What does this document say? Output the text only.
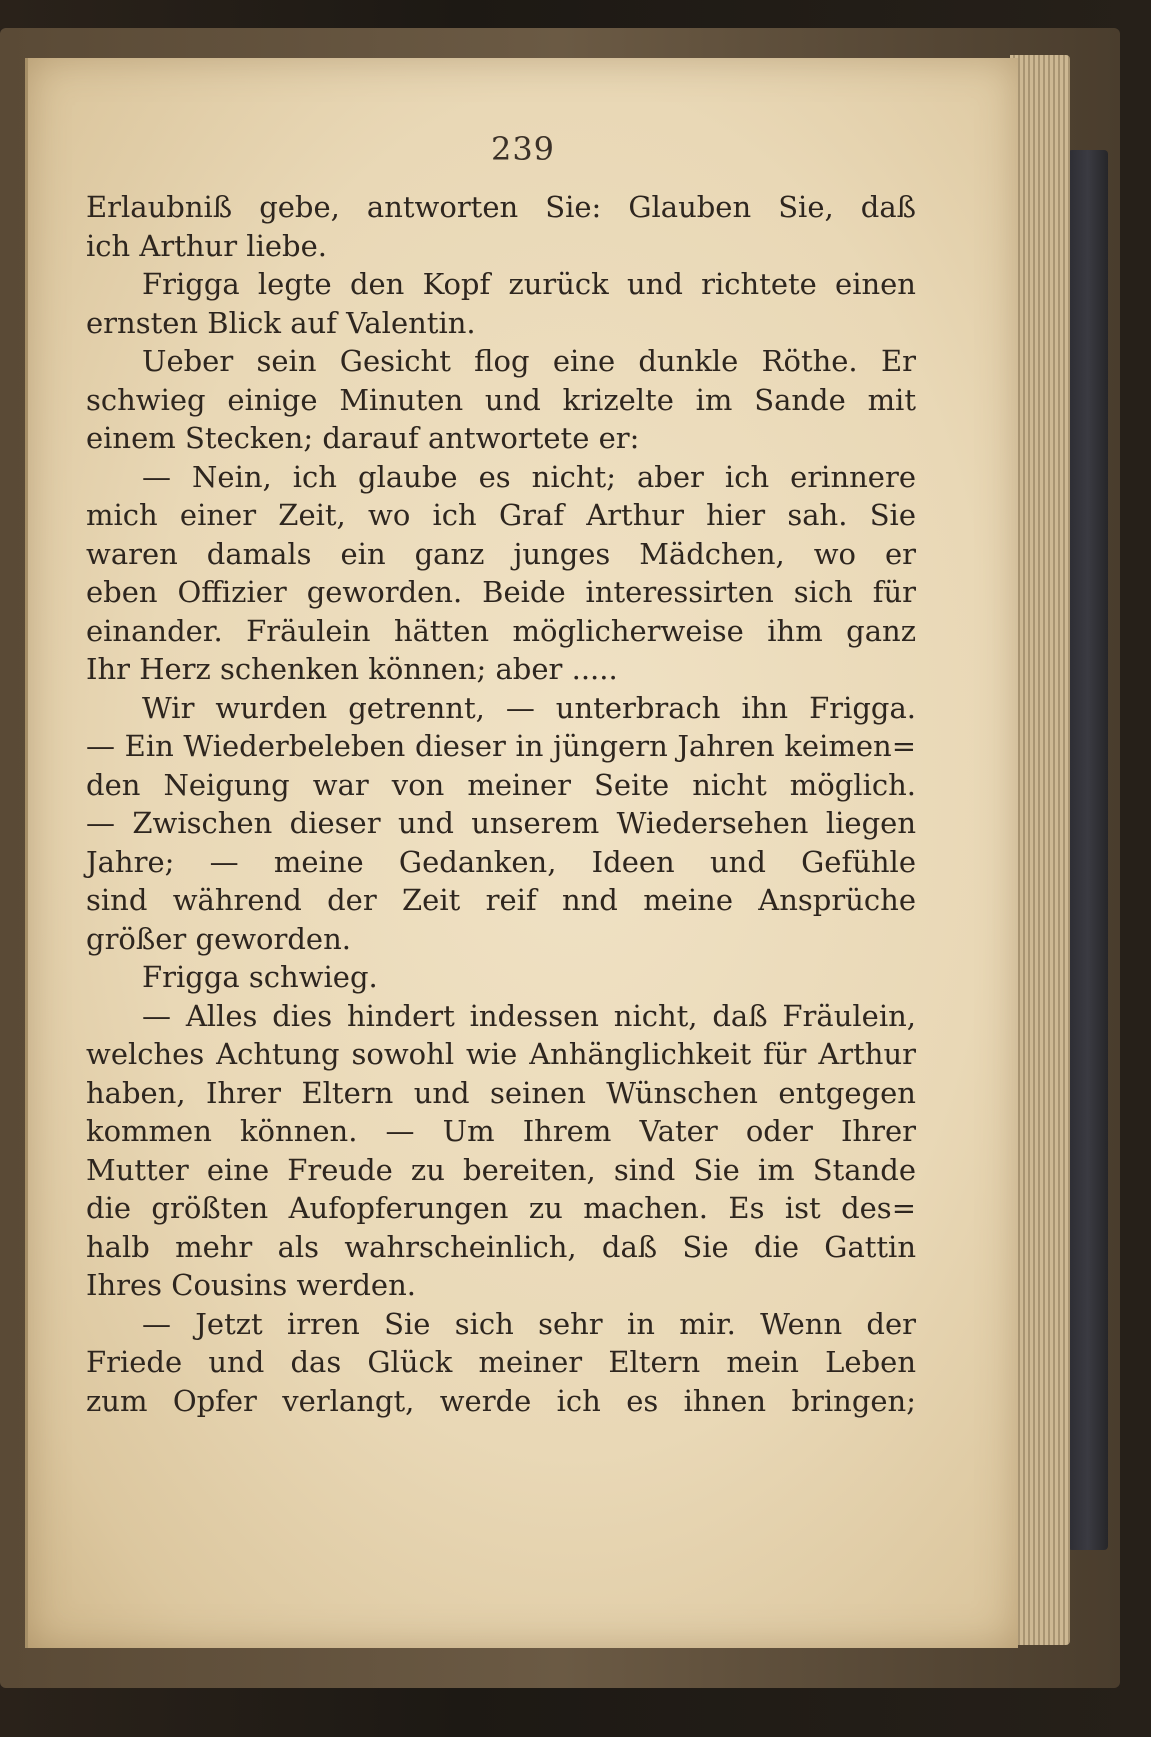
239
Erlaubniß gebe, antworten Sie: Glauben Sie, daß
ich Arthur liebe.
Frigga legte den Kopf zurück und richtete einen
ernsten Blick auf Valentin.
Ueber sein Gesicht flog eine dunkle Röthe. Er
schwieg einige Minuten und krizelte im Sande mit
einem Stecken; darauf antwortete er:
— Nein, ich glaube es nicht; aber ich erinnere
mich einer Zeit, wo ich Graf Arthur hier sah. Sie
waren damals ein ganz junges Mädchen, wo er
eben Offizier geworden. Beide interessirten sich für
einander. Fräulein hätten möglicherweise ihm ganz
Ihr Herz schenken können; aber .....
Wir wurden getrennt, — unterbrach ihn Frigga.
— Ein Wiederbeleben dieser in jüngern Jahren keimen=
den Neigung war von meiner Seite nicht möglich.
— Zwischen dieser und unserem Wiedersehen liegen
Jahre; — meine Gedanken, Ideen und Gefühle
sind während der Zeit reif nnd meine Ansprüche
größer geworden.
Frigga schwieg.
— Alles dies hindert indessen nicht, daß Fräulein,
welches Achtung sowohl wie Anhänglichkeit für Arthur
haben, Ihrer Eltern und seinen Wünschen entgegen
kommen können. — Um Ihrem Vater oder Ihrer
Mutter eine Freude zu bereiten, sind Sie im Stande
die größten Aufopferungen zu machen. Es ist des=
halb mehr als wahrscheinlich, daß Sie die Gattin
Ihres Cousins werden.
— Jetzt irren Sie sich sehr in mir. Wenn der
Friede und das Glück meiner Eltern mein Leben
zum Opfer verlangt, werde ich es ihnen bringen;
